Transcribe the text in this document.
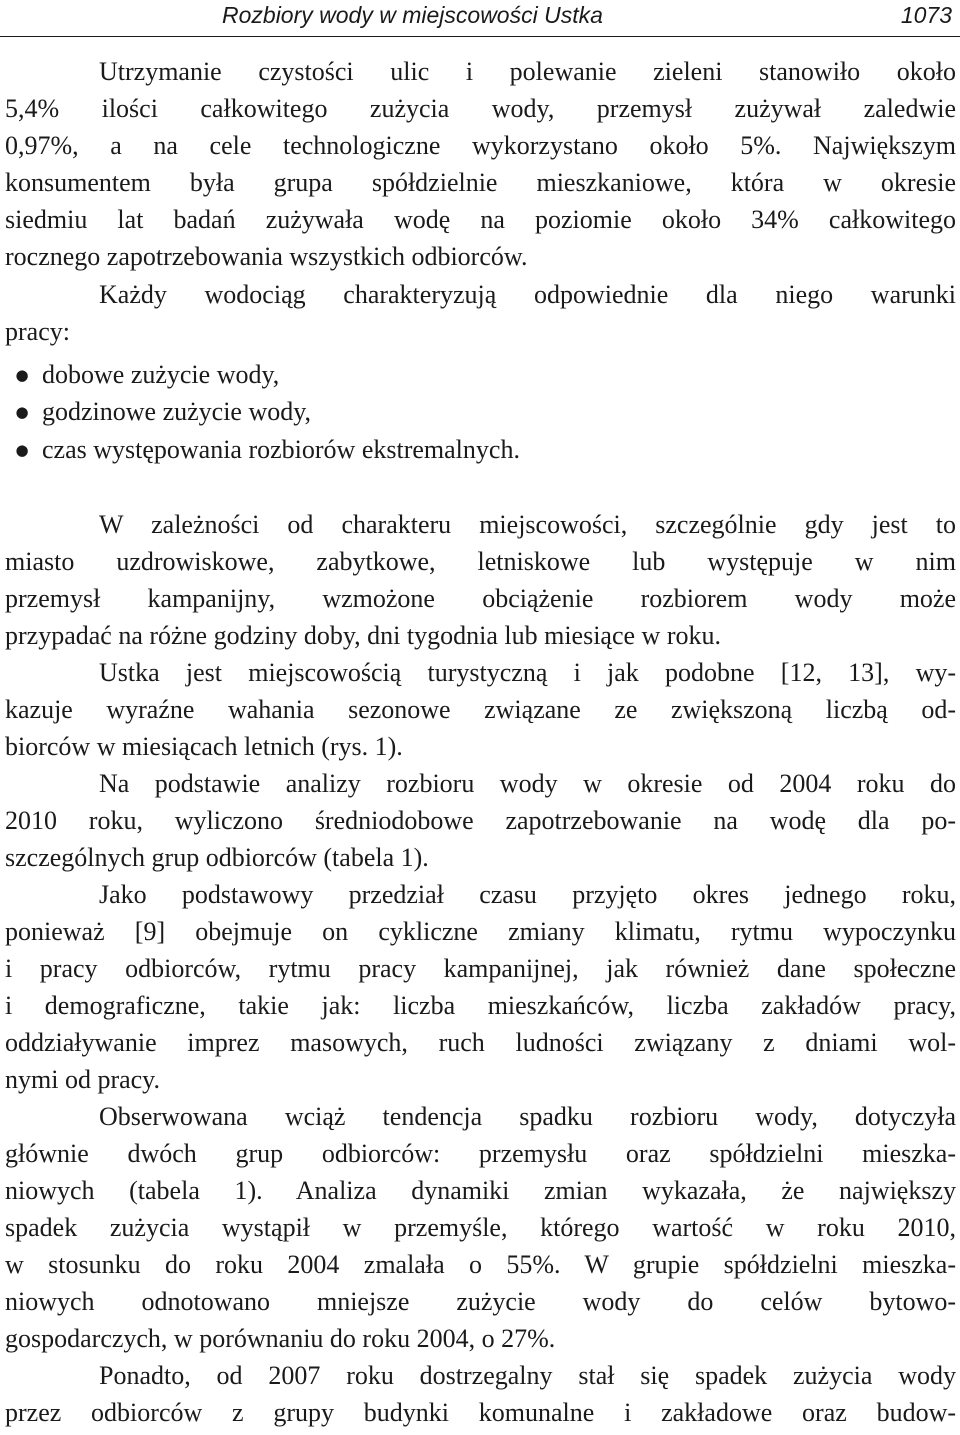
Rozbiory wody w miejscowości Ustka	1073
Utrzymanie czystości ulic i polewanie zieleni stanowiło około
5,4% ilości całkowitego zużycia wody, przemysł zużywał zaledwie
0,97%, a na cele technologiczne wykorzystano około 5%. Największym
konsumentem była grupa spółdzielnie mieszkaniowe, która w okresie
siedmiu lat badań zużywała wodę na poziomie około 34% całkowitego
rocznego zapotrzebowania wszystkich odbiorców.
Każdy wodociąg charakteryzują odpowiednie dla niego warunki
pracy:
● dobowe zużycie wody,
● godzinowe zużycie wody,
● czas występowania rozbiorów ekstremalnych.
W zależności od charakteru miejscowości, szczególnie gdy jest to
miasto uzdrowiskowe, zabytkowe, letniskowe lub występuje w nim
przemysł kampanijny, wzmożone obciążenie rozbiorem wody może
przypadać na różne godziny doby, dni tygodnia lub miesiące w roku.
Ustka jest miejscowością turystyczną i jak podobne [12, 13], wy-
kazuje wyraźne wahania sezonowe związane ze zwiększoną liczbą od-
biorców w miesiącach letnich (rys. 1).
Na podstawie analizy rozbioru wody w okresie od 2004 roku do
2010 roku, wyliczono średniodobowe zapotrzebowanie na wodę dla po-
szczególnych grup odbiorców (tabela 1).
Jako podstawowy przedział czasu przyjęto okres jednego roku,
ponieważ [9] obejmuje on cykliczne zmiany klimatu, rytmu wypoczynku
i pracy odbiorców, rytmu pracy kampanijnej, jak również dane społeczne
i demograficzne, takie jak: liczba mieszkańców, liczba zakładów pracy,
oddziaływanie imprez masowych, ruch ludności związany z dniami wol-
nymi od pracy.
Obserwowana wciąż tendencja spadku rozbioru wody, dotyczyła
głównie dwóch grup odbiorców: przemysłu oraz spółdzielni mieszka-
niowych (tabela 1). Analiza dynamiki zmian wykazała, że największy
spadek zużycia wystąpił w przemyśle, którego wartość w roku 2010,
w stosunku do roku 2004 zmalała o 55%. W grupie spółdzielni mieszka-
niowych odnotowano mniejsze zużycie wody do celów bytowo-
gospodarczych, w porównaniu do roku 2004, o 27%.
Ponadto, od 2007 roku dostrzegalny stał się spadek zużycia wody
przez odbiorców z grupy budynki komunalne i zakładowe oraz budow-
